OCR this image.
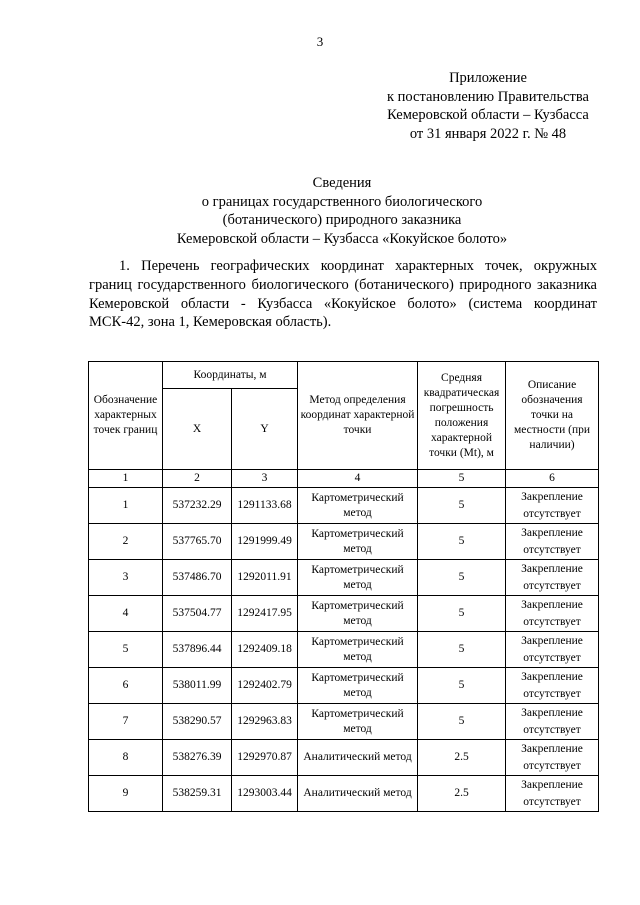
3
Приложение
к постановлению Правительства
Кемеровской области – Кузбасса
от 31 января 2022 г. № 48
Сведения
о границах государственного биологического
(ботанического) природного заказника
Кемеровской области – Кузбасса «Кокуйское болото»

1. Перечень географических координат характерных точек, окружных границ государственного биологического (ботанического) природного заказника Кемеровской области - Кузбасса «Кокуйское болото» (система координат МСК-42, зона 1, Кемеровская область).

Обозначение характерных точек границ	Координаты, м		Метод определения координат характерной точки	Средняя квадратическая погрешность положения характерной точки (Mt), м	Описание обозначения точки на местности (при наличии)
	X	Y			
1	2	3	4	5	6
1	537232.29	1291133.68	Картометрический метод	5	Закрепление отсутствует
2	537765.70	1291999.49	Картометрический метод	5	Закрепление отсутствует
3	537486.70	1292011.91	Картометрический метод	5	Закрепление отсутствует
4	537504.77	1292417.95	Картометрический метод	5	Закрепление отсутствует
5	537896.44	1292409.18	Картометрический метод	5	Закрепление отсутствует
6	538011.99	1292402.79	Картометрический метод	5	Закрепление отсутствует
7	538290.57	1292963.83	Картометрический метод	5	Закрепление отсутствует
8	538276.39	1292970.87	Аналитический метод	2.5	Закрепление отсутствует
9	538259.31	1293003.44	Аналитический метод	2.5	Закрепление отсутствует
